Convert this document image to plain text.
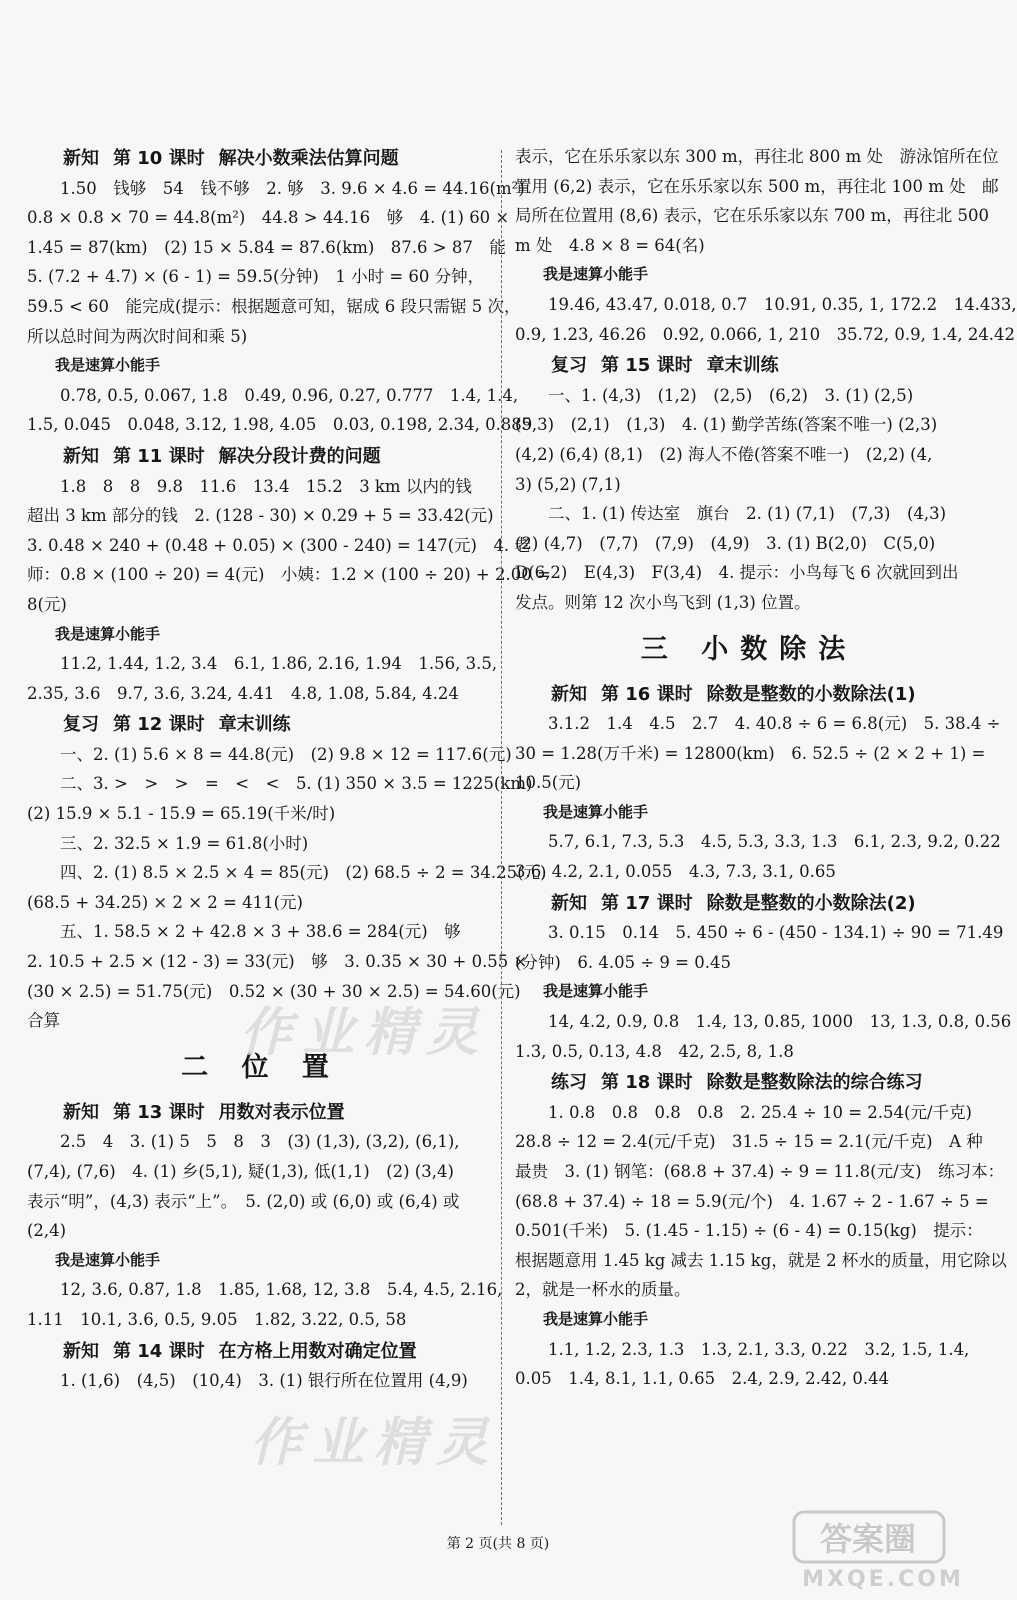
新知 第 10 课时 解决小数乘法估算问题
1.50　钱够　54　钱不够　2. 够　3. 9.6 × 4.6 = 44.16(m²)
0.8 × 0.8 × 70 = 44.8(m²)　44.8 > 44.16　够　4. (1) 60 ×
1.45 = 87(km)　(2) 15 × 5.84 = 87.6(km)　87.6 > 87　能
5. (7.2 + 4.7) × (6 - 1) = 59.5(分钟)　1 小时 = 60 分钟，
59.5 < 60　能完成(提示：根据题意可知，锯成 6 段只需锯 5 次，
所以总时间为两次时间和乘 5)
我是速算小能手
0.78, 0.5, 0.067, 1.8　0.49, 0.96, 0.27, 0.777　1.4, 1.4,
1.5, 0.045　0.048, 3.12, 1.98, 4.05　0.03, 0.198, 2.34, 0.889
新知 第 11 课时 解决分段计费的问题
1.8　8　8　9.8　11.6　13.4　15.2　3 km 以内的钱
超出 3 km 部分的钱　2. (128 - 30) × 0.29 + 5 = 33.42(元)
3. 0.48 × 240 + (0.48 + 0.05) × (300 - 240) = 147(元)　4. 老
师：0.8 × (100 ÷ 20) = 4(元)　小姨：1.2 × (100 ÷ 20) + 2.00 =
8(元)
我是速算小能手
11.2, 1.44, 1.2, 3.4　6.1, 1.86, 2.16, 1.94　1.56, 3.5,
2.35, 3.6　9.7, 3.6, 3.24, 4.41　4.8, 1.08, 5.84, 4.24
复习 第 12 课时 章末训练
一、2. (1) 5.6 × 8 = 44.8(元)　(2) 9.8 × 12 = 117.6(元)
二、3. >　>　>　=　<　<　5. (1) 350 × 3.5 = 1225(km)
(2) 15.9 × 5.1 - 15.9 = 65.19(千米/时)
三、2. 32.5 × 1.9 = 61.8(小时)
四、2. (1) 8.5 × 2.5 × 4 = 85(元)　(2) 68.5 ÷ 2 = 34.25(元)
(68.5 + 34.25) × 2 × 2 = 411(元)
五、1. 58.5 × 2 + 42.8 × 3 + 38.6 = 284(元)　够
2. 10.5 + 2.5 × (12 - 3) = 33(元)　够　3. 0.35 × 30 + 0.55 ×
(30 × 2.5) = 51.75(元)　0.52 × (30 + 30 × 2.5) = 54.60(元)
合算
二 位 置
新知 第 13 课时 用数对表示位置
2.5　4　3. (1) 5　5　8　3　(3) (1,3), (3,2), (6,1),
(7,4), (7,6)　4. (1) 乡(5,1), 疑(1,3), 低(1,1)　(2) (3,4)
表示“明”，(4,3) 表示“上”。　5. (2,0) 或 (6,0) 或 (6,4) 或
(2,4)
我是速算小能手
12, 3.6, 0.87, 1.8　1.85, 1.68, 12, 3.8　5.4, 4.5, 2.16,
1.11　10.1, 3.6, 0.5, 9.05　1.82, 3.22, 0.5, 58
新知 第 14 课时 在方格上用数对确定位置
1. (1,6)　(4,5)　(10,4)　3. (1) 银行所在位置用 (4,9)
表示，它在乐乐家以东 300 m，再往北 800 m 处　游泳馆所在位
置用 (6,2) 表示，它在乐乐家以东 500 m，再往北 100 m 处　邮
局所在位置用 (8,6) 表示，它在乐乐家以东 700 m，再往北 500
m 处　4.8 × 8 = 64(名)
我是速算小能手
19.46, 43.47, 0.018, 0.7　10.91, 0.35, 1, 172.2　14.433,
0.9, 1.23, 46.26　0.92, 0.066, 1, 210　35.72, 0.9, 1.4, 24.42
复习 第 15 课时 章末训练
一、1. (4,3)　(1,2)　(2,5)　(6,2)　3. (1) (2,5)
(5,3)　(2,1)　(1,3)　4. (1) 勤学苦练(答案不唯一) (2,3)
(4,2) (6,4) (8,1)　(2) 海人不倦(答案不唯一)　(2,2) (4,
3) (5,2) (7,1)
二、1. (1) 传达室　旗台　2. (1) (7,1)　(7,3)　(4,3)
(2) (4,7)　(7,7)　(7,9)　(4,9)　3. (1) B(2,0)　C(5,0)
D(6,2)　E(4,3)　F(3,4)　4. 提示：小鸟每飞 6 次就回到出
发点。则第 12 次小鸟飞到 (1,3) 位置。
三 小数除法
新知 第 16 课时 除数是整数的小数除法(1)
3.1.2　1.4　4.5　2.7　4. 40.8 ÷ 6 = 6.8(元)　5. 38.4 ÷
30 = 1.28(万千米) = 12800(km)　6. 52.5 ÷ (2 × 2 + 1) =
10.5(元)
我是速算小能手
5.7, 6.1, 7.3, 5.3　4.5, 5.3, 3.3, 1.3　6.1, 2.3, 9.2, 0.22
3.6, 4.2, 2.1, 0.055　4.3, 7.3, 3.1, 0.65
新知 第 17 课时 除数是整数的小数除法(2)
3. 0.15　0.14　5. 450 ÷ 6 - (450 - 134.1) ÷ 90 = 71.49
(分钟)　6. 4.05 ÷ 9 = 0.45
我是速算小能手
14, 4.2, 0.9, 0.8　1.4, 13, 0.85, 1000　13, 1.3, 0.8, 0.56
1.3, 0.5, 0.13, 4.8　42, 2.5, 8, 1.8
练习 第 18 课时 除数是整数除法的综合练习
1. 0.8　0.8　0.8　0.8　2. 25.4 ÷ 10 = 2.54(元/千克)
28.8 ÷ 12 = 2.4(元/千克)　31.5 ÷ 15 = 2.1(元/千克)　A 种
最贵　3. (1) 钢笔：(68.8 + 37.4) ÷ 9 = 11.8(元/支)　练习本：
(68.8 + 37.4) ÷ 18 = 5.9(元/个)　4. 1.67 ÷ 2 - 1.67 ÷ 5 =
0.501(千米)　5. (1.45 - 1.15) ÷ (6 - 4) = 0.15(kg)　提示：
根据题意用 1.45 kg 减去 1.15 kg，就是 2 杯水的质量，用它除以
2，就是一杯水的质量。
我是速算小能手
1.1, 1.2, 2.3, 1.3　1.3, 2.1, 3.3, 0.22　3.2, 1.5, 1.4,
0.05　1.4, 8.1, 1.1, 0.65　2.4, 2.9, 2.42, 0.44
作业精灵
作业精灵
第 2 页(共 8 页)	答案圈
MXQE.COM
